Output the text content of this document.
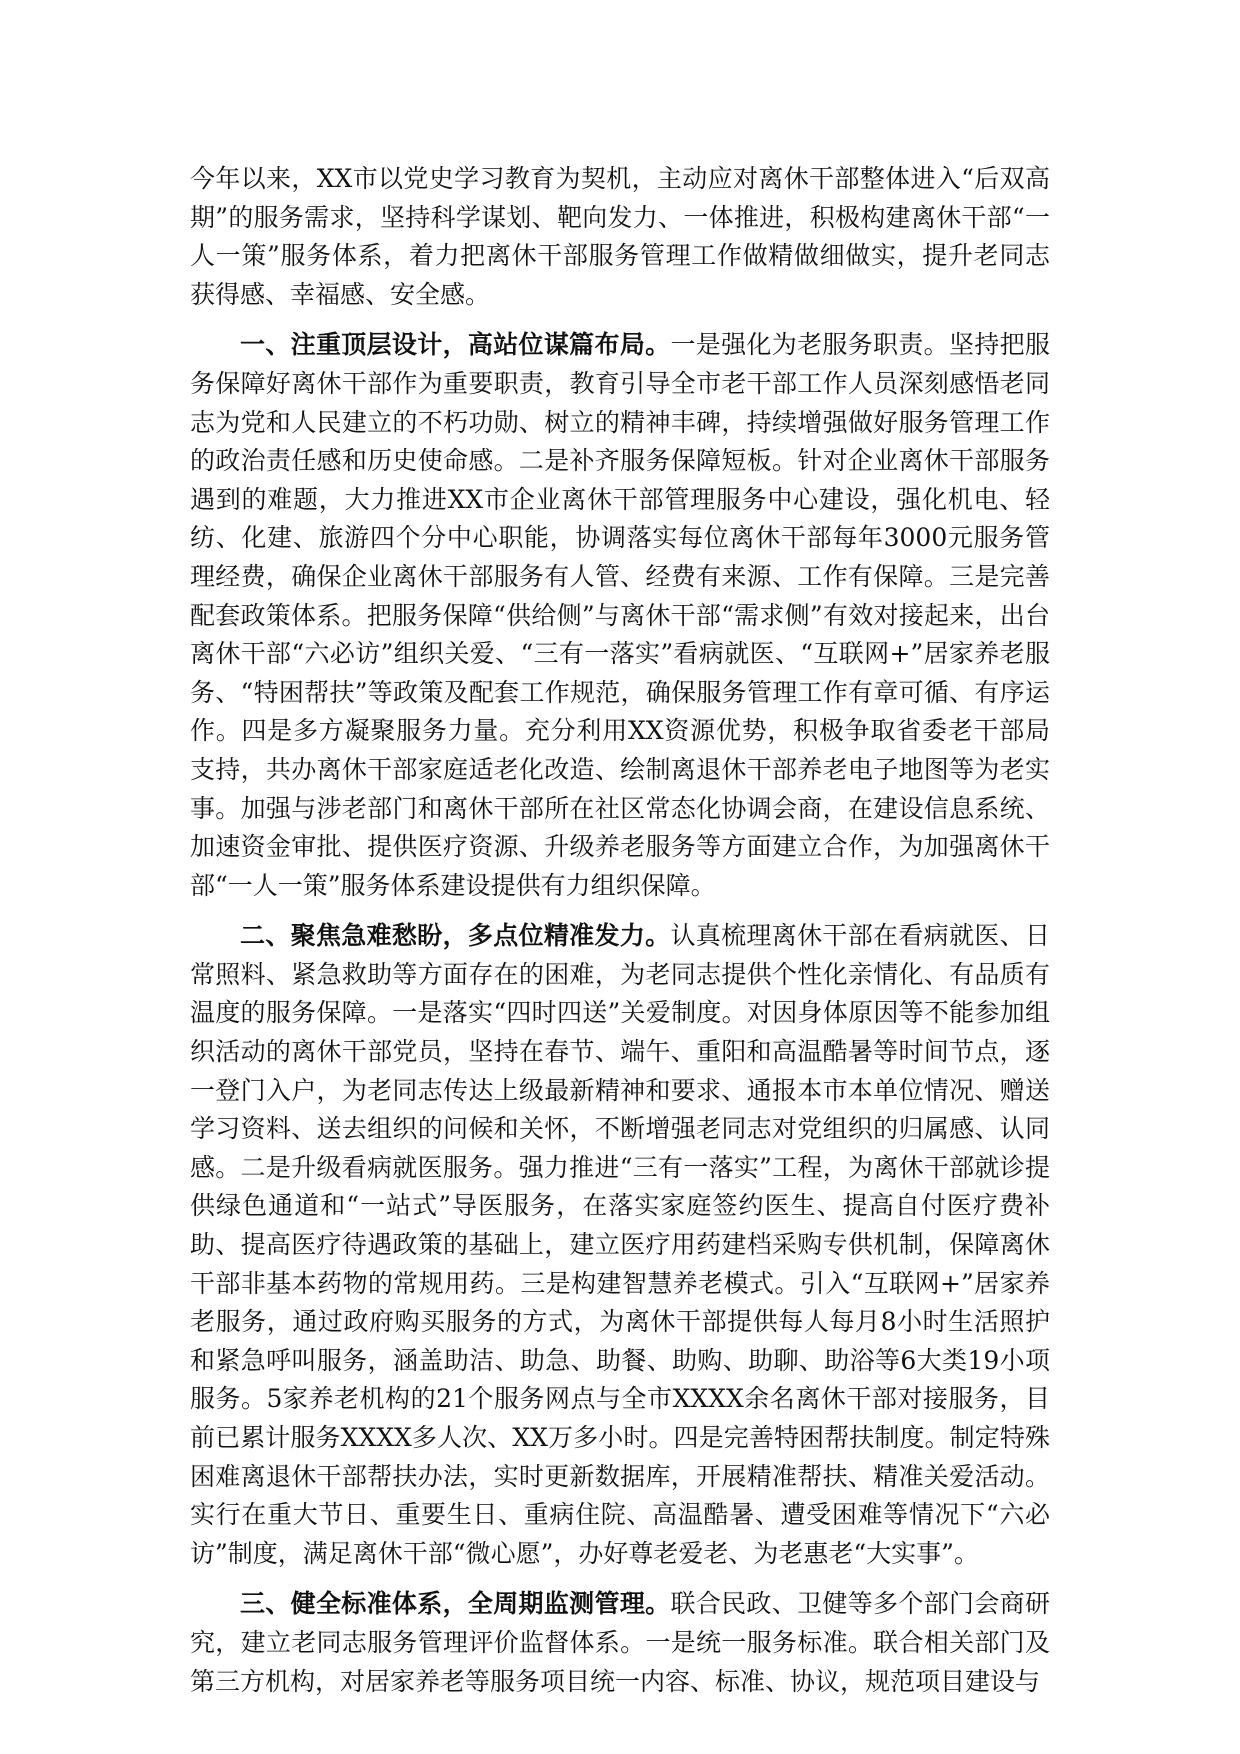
今年以来，XX市以党史学习教育为契机，主动应对离休干部整体进入“后双高期”的服务需求，坚持科学谋划、靶向发力、一体推进，积极构建离休干部“一人一策”服务体系，着力把离休干部服务管理工作做精做细做实，提升老同志获得感、幸福感、安全感。

一、注重顶层设计，高站位谋篇布局。一是强化为老服务职责。坚持把服务保障好离休干部作为重要职责，教育引导全市老干部工作人员深刻感悟老同志为党和人民建立的不朽功勋、树立的精神丰碑，持续增强做好服务管理工作的政治责任感和历史使命感。二是补齐服务保障短板。针对企业离休干部服务遇到的难题，大力推进XX市企业离休干部管理服务中心建设，强化机电、轻纺、化建、旅游四个分中心职能，协调落实每位离休干部每年3000元服务管理经费，确保企业离休干部服务有人管、经费有来源、工作有保障。三是完善配套政策体系。把服务保障“供给侧”与离休干部“需求侧”有效对接起来，出台离休干部“六必访”组织关爱、“三有一落实”看病就医、“互联网+”居家养老服务、“特困帮扶”等政策及配套工作规范，确保服务管理工作有章可循、有序运作。四是多方凝聚服务力量。充分利用XX资源优势，积极争取省委老干部局支持，共办离休干部家庭适老化改造、绘制离退休干部养老电子地图等为老实事。加强与涉老部门和离休干部所在社区常态化协调会商，在建设信息系统、加速资金审批、提供医疗资源、升级养老服务等方面建立合作，为加强离休干部“一人一策”服务体系建设提供有力组织保障。

二、聚焦急难愁盼，多点位精准发力。认真梳理离休干部在看病就医、日常照料、紧急救助等方面存在的困难，为老同志提供个性化亲情化、有品质有温度的服务保障。一是落实“四时四送”关爱制度。对因身体原因等不能参加组织活动的离休干部党员，坚持在春节、端午、重阳和高温酷暑等时间节点，逐一登门入户，为老同志传达上级最新精神和要求、通报本市本单位情况、赠送学习资料、送去组织的问候和关怀，不断增强老同志对党组织的归属感、认同感。二是升级看病就医服务。强力推进“三有一落实”工程，为离休干部就诊提供绿色通道和“一站式”导医服务，在落实家庭签约医生、提高自付医疗费补助、提高医疗待遇政策的基础上，建立医疗用药建档采购专供机制，保障离休干部非基本药物的常规用药。三是构建智慧养老模式。引入“互联网+”居家养老服务，通过政府购买服务的方式，为离休干部提供每人每月8小时生活照护和紧急呼叫服务，涵盖助洁、助急、助餐、助购、助聊、助浴等6大类19小项服务。5家养老机构的21个服务网点与全市XXXX余名离休干部对接服务，目前已累计服务XXXX多人次、XX万多小时。四是完善特困帮扶制度。制定特殊困难离退休干部帮扶办法，实时更新数据库，开展精准帮扶、精准关爱活动。实行在重大节日、重要生日、重病住院、高温酷暑、遭受困难等情况下“六必访”制度，满足离休干部“微心愿”，办好尊老爱老、为老惠老“大实事”。

三、健全标准体系，全周期监测管理。联合民政、卫健等多个部门会商研究，建立老同志服务管理评价监督体系。一是统一服务标准。联合相关部门及第三方机构，对居家养老等服务项目统一内容、标准、协议，规范项目建设与
